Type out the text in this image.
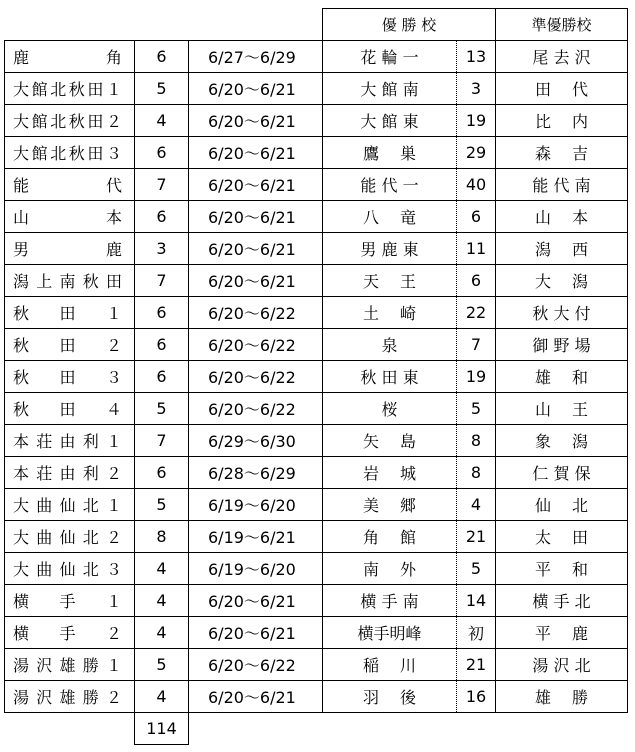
			優 勝 校		準優勝校
鹿角	6	6/27～6/29	花 輪 一	13	尾 去 沢
大館北秋田１	5	6/20～6/21	大 館 南	3	田　 代
大館北秋田２	4	6/20～6/21	大 館 東	19	比　 内
大館北秋田３	6	6/20～6/21	鷹　 巣	29	森　 吉
能代	7	6/20～6/21	能 代 一	40	能 代 南
山本	6	6/20～6/21	八　 竜	6	山　 本
男鹿	3	6/20～6/21	男 鹿 東	11	潟　 西
潟上南秋田	7	6/20～6/21	天　 王	6	大　 潟
秋田１	6	6/20～6/22	土　 崎	22	秋 大 付
秋田２	6	6/20～6/22	泉	7	御 野 場
秋田３	6	6/20～6/22	秋 田 東	19	雄　 和
秋田４	5	6/20～6/22	桜	5	山　 王
本荘由利１	7	6/29～6/30	矢　 島	8	象　 潟
本荘由利２	6	6/28～6/29	岩　 城	8	仁 賀 保
大曲仙北１	5	6/19～6/20	美　 郷	4	仙　 北
大曲仙北２	8	6/19～6/21	角　 館	21	太　 田
大曲仙北３	4	6/19～6/20	南　 外	5	平　 和
横手１	4	6/20～6/21	横 手 南	14	横 手 北
横手２	4	6/20～6/21	横手明峰	初	平　 鹿
湯沢雄勝１	5	6/20～6/22	稲　 川	21	湯 沢 北
湯沢雄勝２	4	6/20～6/21	羽　 後	16	雄　 勝
	114				
